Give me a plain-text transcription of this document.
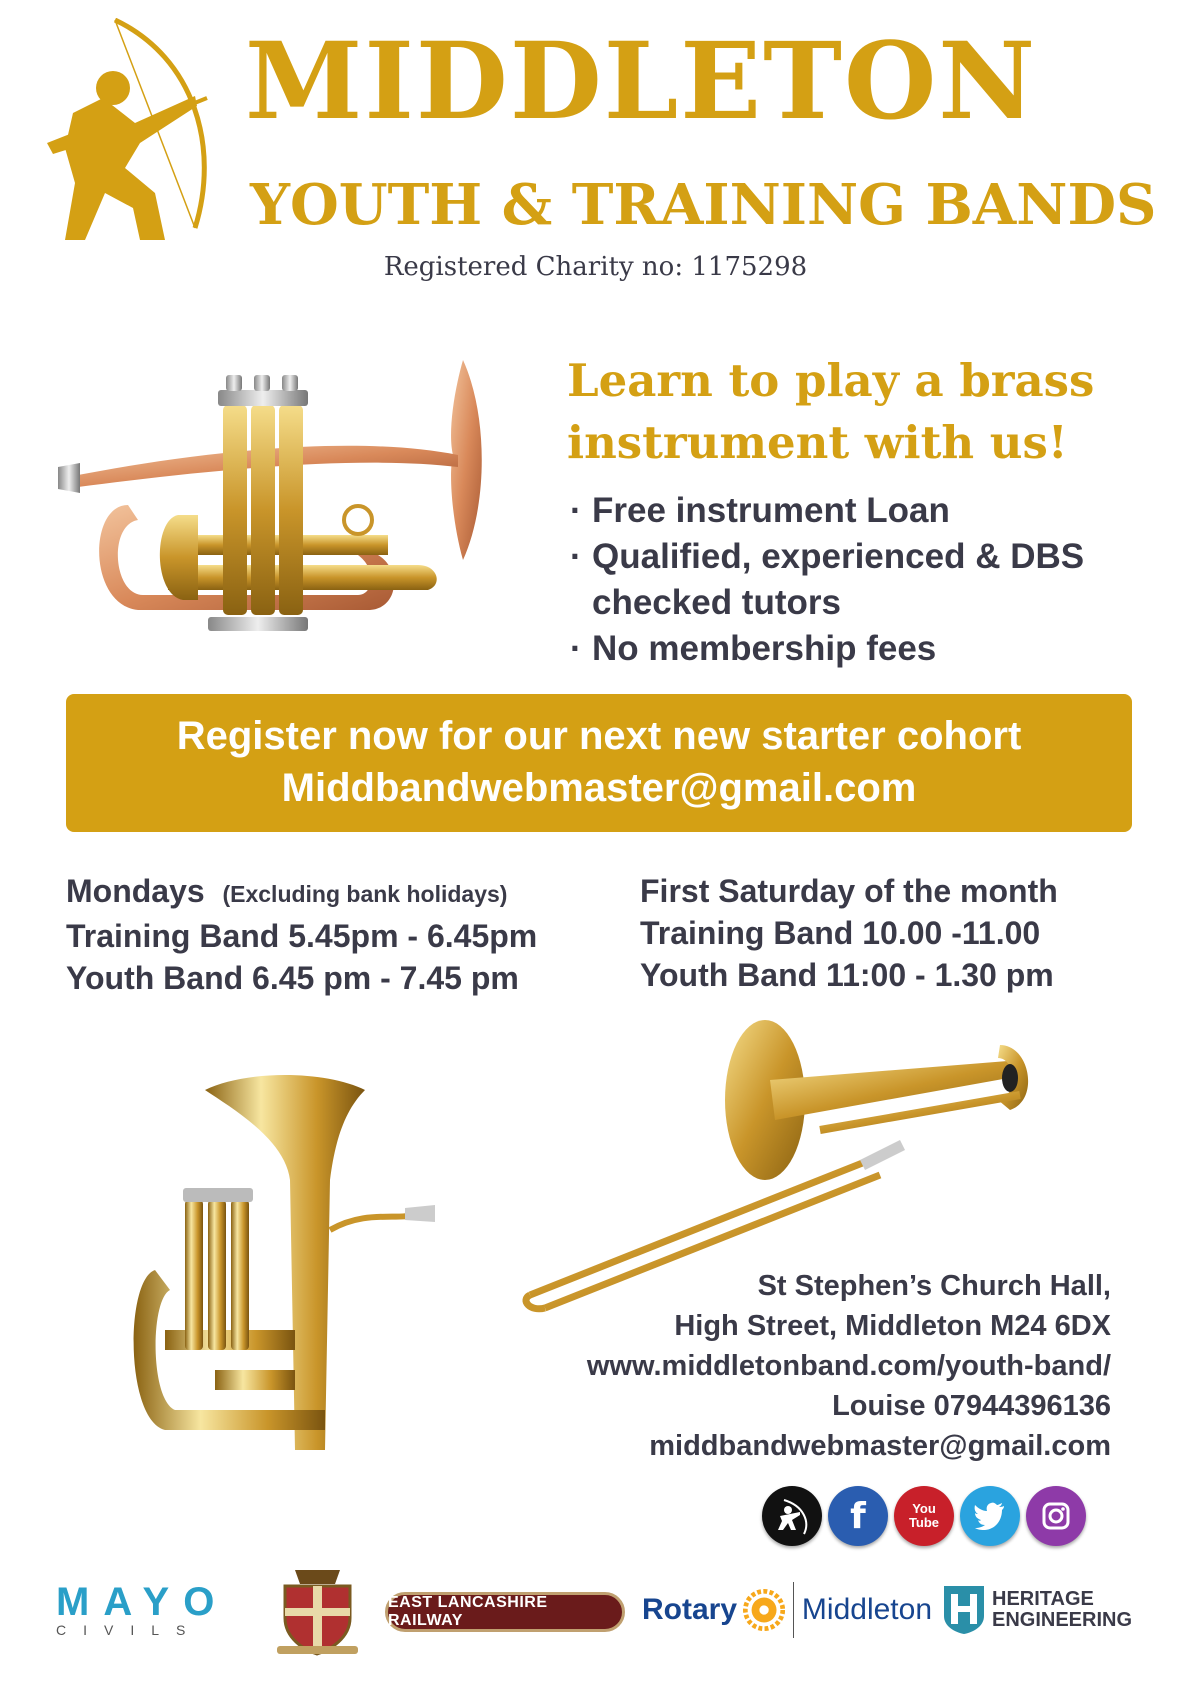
MIDDLETON
YOUTH & TRAINING BANDS
Registered Charity no: 1175298
Learn to play a brass instrument with us!
· Free instrument Loan
· Qualified, experienced & DBS checked tutors
· No membership fees
Register now for our next new starter cohort
Middbandwebmaster@gmail.com
Mondays (Excluding bank holidays)
Training Band 5.45pm - 6.45pm
Youth Band 6.45 pm - 7.45 pm
First Saturday of the month
Training Band 10.00 -11.00
Youth Band 11:00 - 1.30 pm
St Stephen’s Church Hall,
High Street, Middleton M24 6DX
www.middletonband.com/youth-band/
Louise 07944396136
middbandwebmaster@gmail.com
f	You Tube
MAYO
CIVILS
EAST LANCASHIRE RAILWAY	Rotary Middleton	HERITAGE
ENGINEERING
